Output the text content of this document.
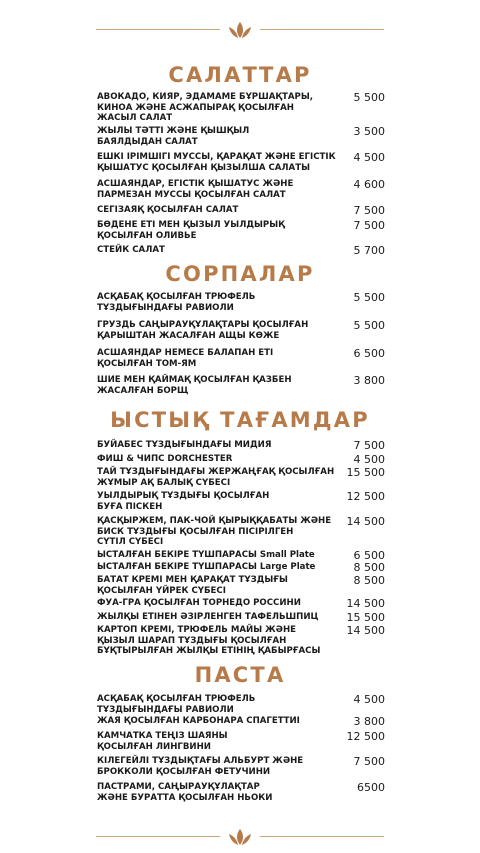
САЛАТТАР
АВОКАДО, КИЯР, ЭДАМАМЕ БҰРШАҚТАРЫ,
КИНОА ЖӘНЕ АСЖАПЫРАҚ ҚОСЫЛҒАН
ЖАСЫЛ САЛАТ
5 500
ЖЫЛЫ ТӘТТІ ЖӘНЕ ҚЫШҚЫЛ
БАЯЛДЫДАН САЛАТ
3 500
ЕШКІ ІРІМШІГІ МУССЫ, ҚАРАҚАТ ЖӘНЕ ЕГІСТІК
ҚЫШАТУС ҚОСЫЛҒАН ҚЫЗЫЛША САЛАТЫ
4 500
АСШАЯНДАР, ЕГІСТІК ҚЫШАТУС ЖӘНЕ
ПАРМЕЗАН МУССЫ ҚОСЫЛҒАН САЛАТ
4 600
СЕГІЗАЯҚ ҚОСЫЛҒАН САЛАТ	7 500
БӨДЕНЕ ЕТІ МЕН ҚЫЗЫЛ УЫЛДЫРЫҚ
ҚОСЫЛҒАН ОЛИВЬЕ
7 500
СТЕЙК САЛАТ	5 700
СОРПАЛАР
АСҚАБАҚ ҚОСЫЛҒАН ТРЮФЕЛЬ
ТҰЗДЫҒЫНДАҒЫ РАВИОЛИ
5 500
ГРУЗДЬ САҢЫРАУҚҰЛАҚТАРЫ ҚОСЫЛҒАН
ҚАРЫШТАН ЖАСАЛҒАН АЩЫ КӨЖЕ
5 500
АСШАЯНДАР НЕМЕСЕ БАЛАПАН ЕТІ
ҚОСЫЛҒАН ТОМ-ЯМ
6 500
ШИЕ МЕН ҚАЙМАҚ ҚОСЫЛҒАН ҚАЗБЕН
ЖАСАЛҒАН БОРЩ
3 800
ЫСТЫҚ ТАҒАМДАР
БУЙАБЕС ТҰЗДЫҒЫНДАҒЫ МИДИЯ	7 500
ФИШ & ЧИПС DORCHESTER	4 500
ТАЙ ТҰЗДЫҒЫНДАҒЫ ЖЕРЖАҢҒАҚ ҚОСЫЛҒАН
ЖҰМЫР АҚ БАЛЫҚ СҮБЕСІ
15 500
УЫЛДЫРЫҚ ТҰЗДЫҒЫ ҚОСЫЛҒАН
БУҒА ПІСКЕН
12 500
ҚАСҚЫРЖЕМ, ПАК-ЧОЙ ҚЫРЫҚҚАБАТЫ ЖӘНЕ
БИСК ТҰЗДЫҒЫ ҚОСЫЛҒАН ПІСІРІЛГЕН
СҮТІЛ СҮБЕСІ
14 500
ЫСТАЛҒАН БЕКІРЕ ТҮШПАРАСЫ Small Plate	6 500
ЫСТАЛҒАН БЕКІРЕ ТҮШПАРАСЫ Large Plate	8 500
БАТАТ КРЕМІ МЕН ҚАРАҚАТ ТҰЗДЫҒЫ
ҚОСЫЛҒАН ҮЙРЕК СҮБЕСІ
8 500
ФУА-ГРА ҚОСЫЛҒАН ТОРНЕДО РОССИНИ	14 500
ЖЫЛҚЫ ЕТІНЕН ӘЗІРЛЕНГЕН ТАФЕЛЬШПИЦ	15 500
КАРТОП КРЕМІ, ТРЮФЕЛЬ МАЙЫ ЖӘНЕ
ҚЫЗЫЛ ШАРАП ТҰЗДЫҒЫ ҚОСЫЛҒАН
БҰҚТЫРЫЛҒАН ЖЫЛҚЫ ЕТІНІҢ ҚАБЫРҒАСЫ
14 500
ПАСТА
АСҚАБАҚ ҚОСЫЛҒАН ТРЮФЕЛЬ
ТҰЗДЫҒЫНДАҒЫ РАВИОЛИ
4 500
ЖАЯ ҚОСЫЛҒАН КАРБОНАРА СПАГЕТТИІ	3 800
КАМЧАТКА ТЕҢІЗ ШАЯНЫ
ҚОСЫЛҒАН ЛИНГВИНИ
12 500
КІЛЕГЕЙЛІ ТҰЗДЫҚТАҒЫ АЛЬБУРТ ЖӘНЕ
БРОККОЛИ ҚОСЫЛҒАН ФЕТУЧИНИ
7 500
ПАСТРАМИ, САҢЫРАУҚҰЛАҚТАР
ЖӘНЕ БУРАТТА ҚОСЫЛҒАН НЬОКИ
6500
